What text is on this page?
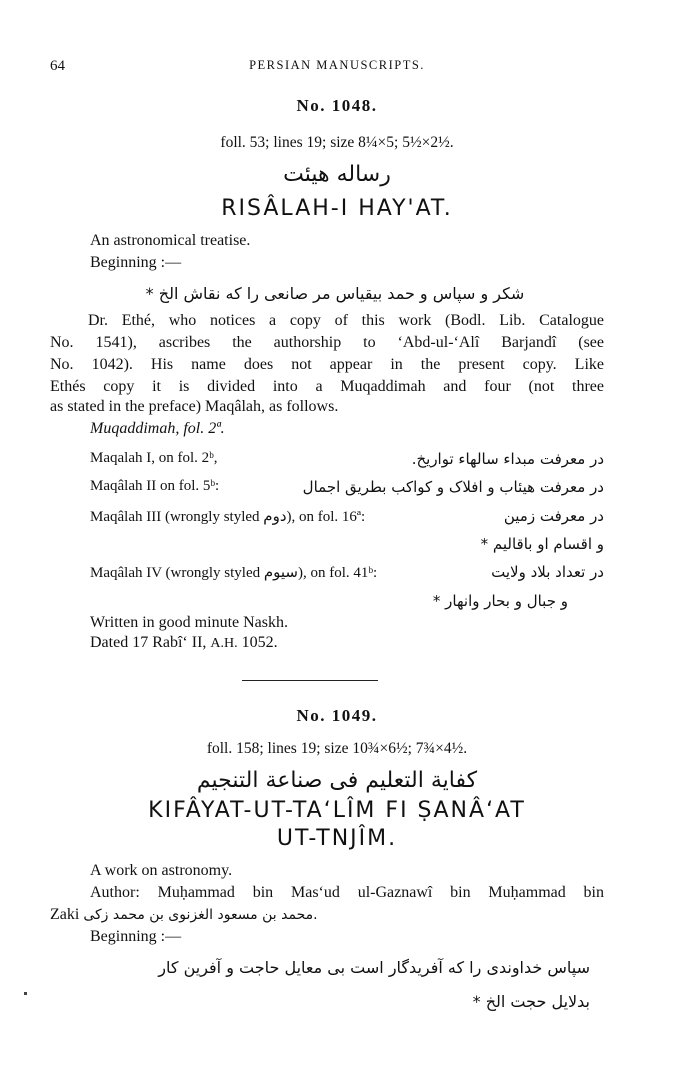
64	PERSIAN MANUSCRIPTS.
No. 1048.
foll. 53; lines 19; size 8¼×5; 5½×2½.
رساله هیئت
RISÂLAH-I HAY'AT.
An astronomical treatise.
Beginning :—
شکر و سپاس و حمد بیقیاس مر صانعی را که نقاش الخ *
Dr. Ethé, who notices a copy of this work (Bodl. Lib. Catalogue
No. 1541), ascribes the authorship to ‘Abd-ul-‘Alî Barjandî (see
No. 1042). His name does not appear in the present copy. Like
Ethés copy it is divided into a Muqaddimah and four (not three
as stated in the preface) Maqâlah, as follows.
Muqaddimah, fol. 2ª.
Maqalah I, on fol. 2ᵇ,	در معرفت مبداء سالهاء تواریخ.
Maqâlah II on fol. 5ᵇ:	در معرفت هیئاب و افلاک و کواکب بطریق اجمال
Maqâlah III (wrongly styled دوم), on fol. 16ª:	در معرفت زمین
و اقسام او باقالیم *
Maqâlah IV (wrongly styled سیوم), on fol. 41ᵇ:	در تعداد بلاد ولایت
و جبال و بحار وانهار *
Written in good minute Naskh.
Dated 17 Rabîʻ II, A.H. 1052.
No. 1049.
foll. 158; lines 19; size 10¾×6½; 7¾×4½.
کفایة التعلیم فی صناعة التنجیم
KIFÂYAT-UT-TA‘LÎM FI ṢANÂ‘AT
UT-TNJÎM.
A work on astronomy.
Author: Muḥammad bin Mas‘ud ul-Gaznawî bin Muḥammad bin
Zaki محمد بن مسعود الغزنوی بن محمد زکی.
Beginning :—
سپاس خداوندی را که آفریدگار است بی معایل حاجت و آفرین کار
بدلایل حجت الخ *
